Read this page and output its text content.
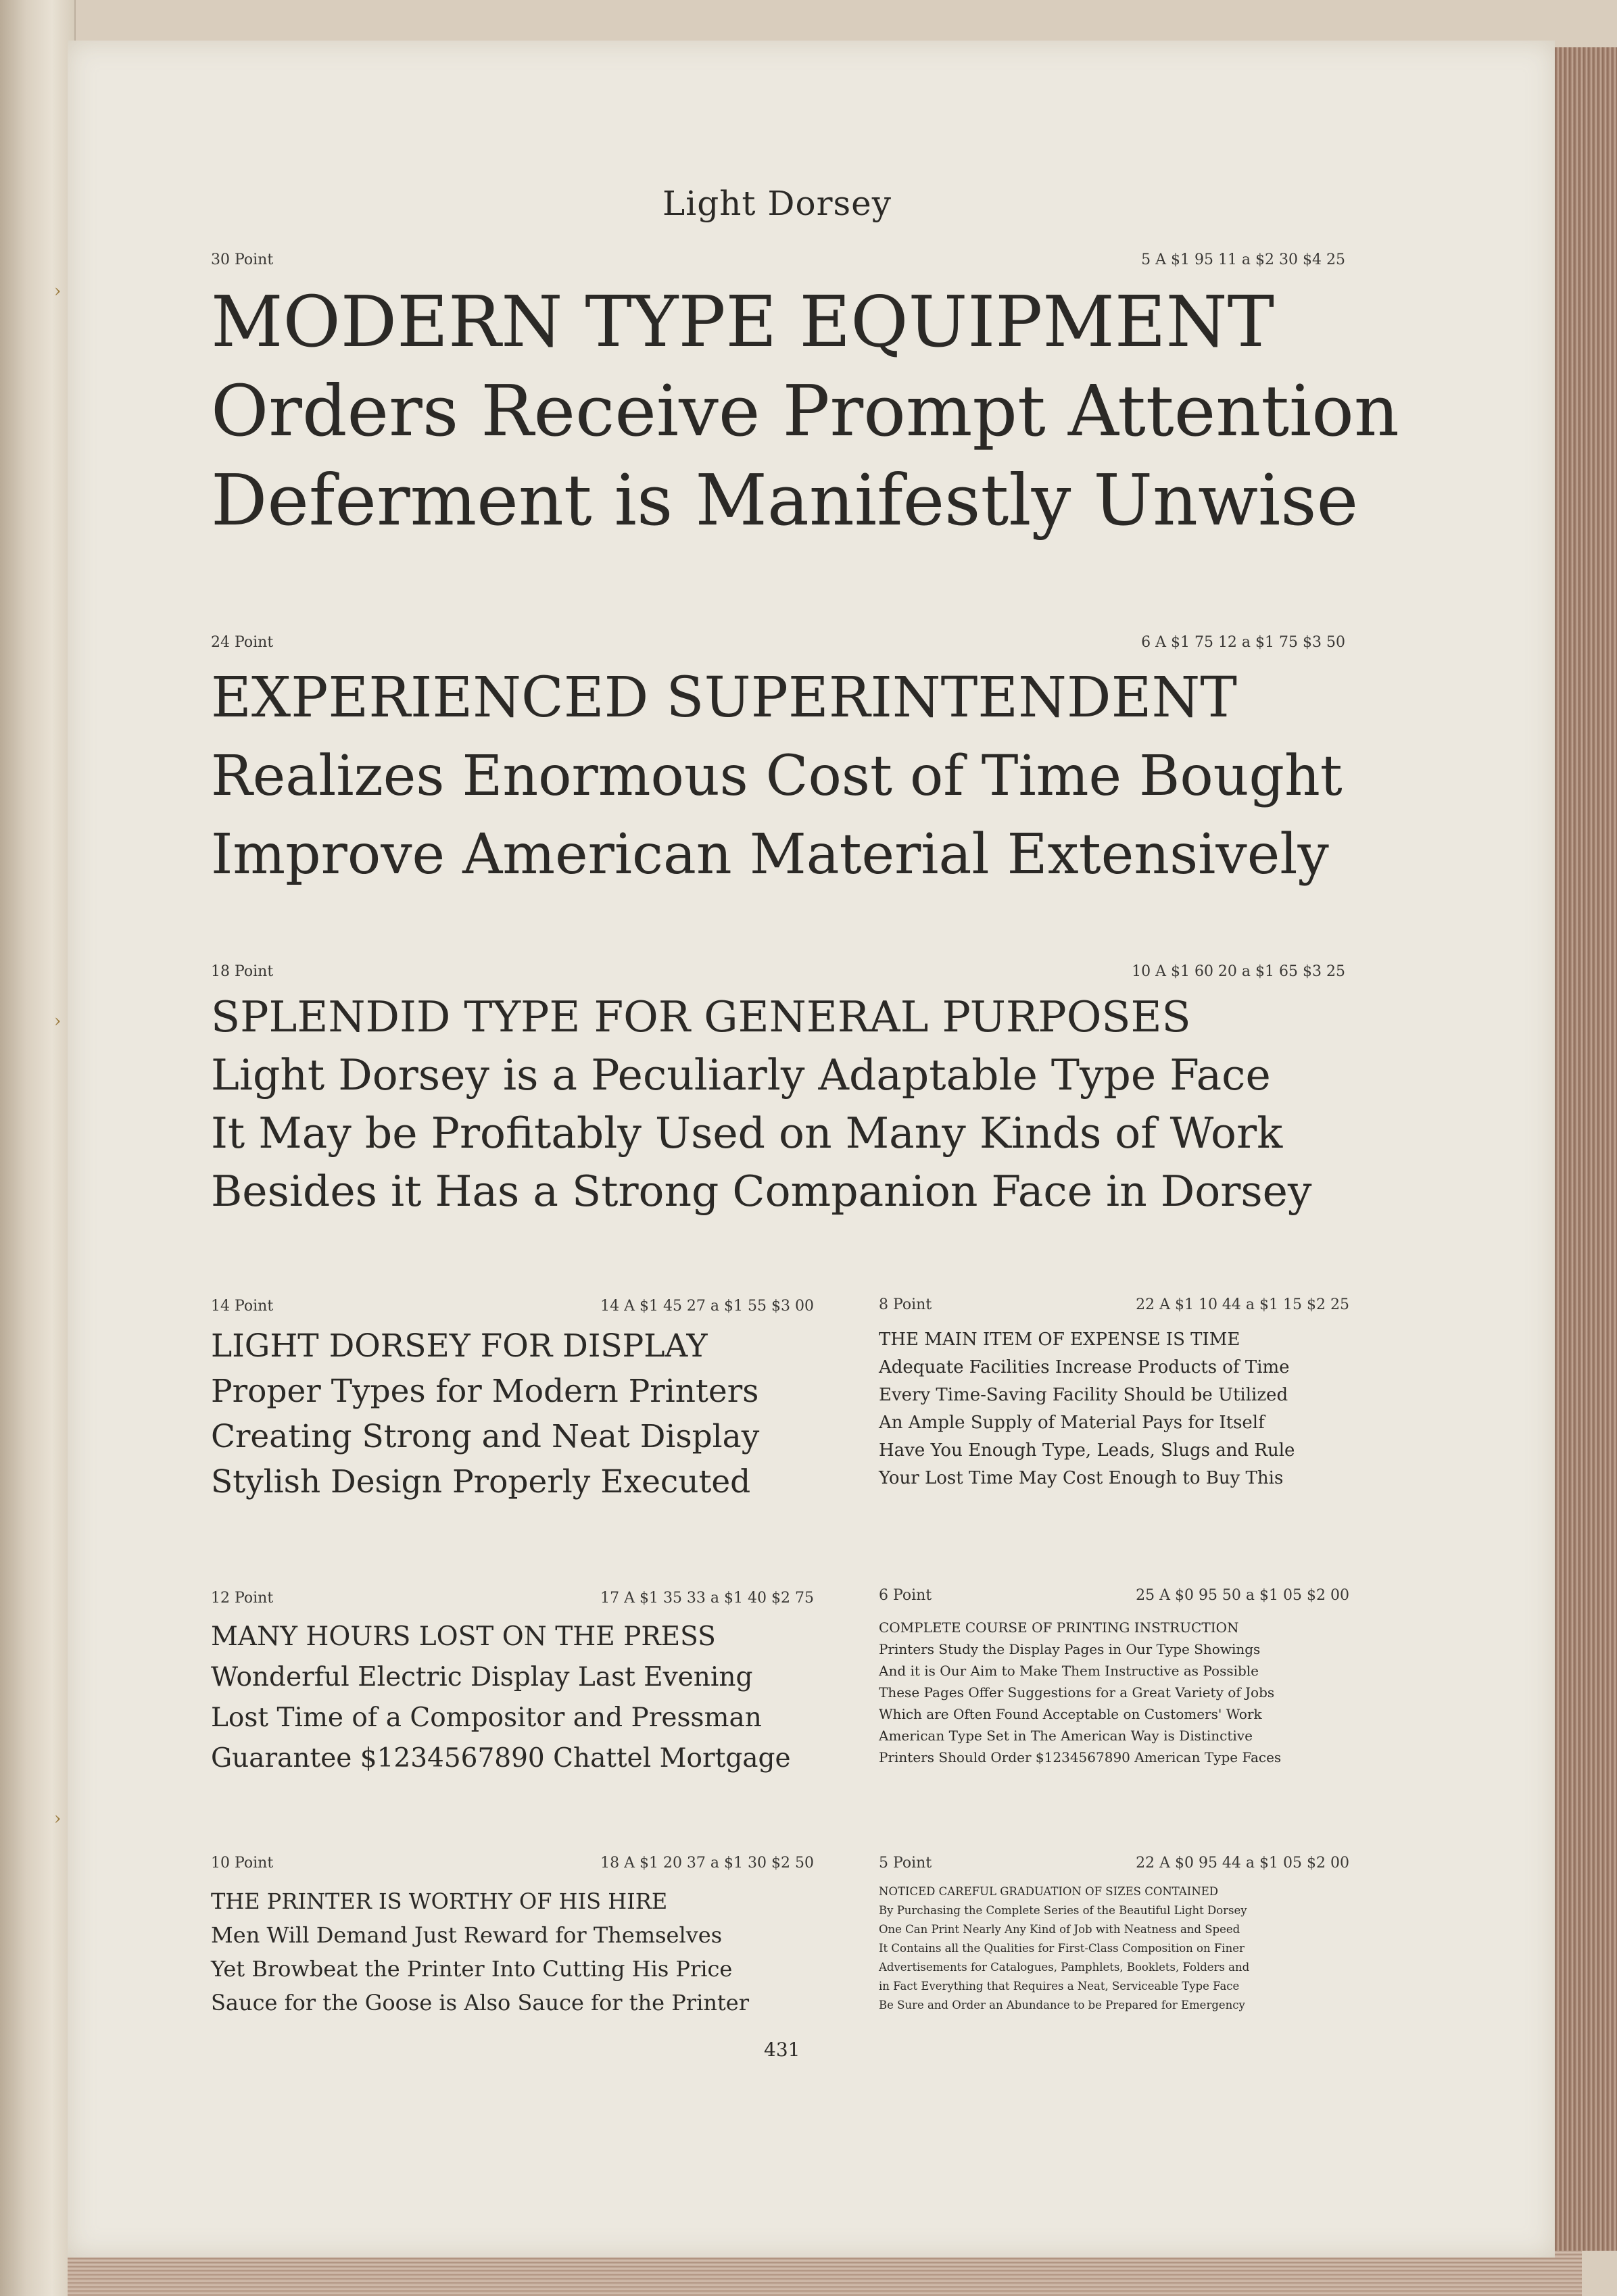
›
›
›
Light Dorsey
30 Point	5 A $1 95 11 a $2 30 $4 25
MODERN TYPE EQUIPMENT
Orders Receive Prompt Attention
Deferment is Manifestly Unwise
24 Point	6 A $1 75 12 a $1 75 $3 50
EXPERIENCED SUPERINTENDENT
Realizes Enormous Cost of Time Bought
Improve American Material Extensively
18 Point	10 A $1 60 20 a $1 65 $3 25
SPLENDID TYPE FOR GENERAL PURPOSES
Light Dorsey is a Peculiarly Adaptable Type Face
It May be Profitably Used on Many Kinds of Work
Besides it Has a Strong Companion Face in Dorsey
14 Point	14 A $1 45 27 a $1 55 $3 00
LIGHT DORSEY FOR DISPLAY
Proper Types for Modern Printers
Creating Strong and Neat Display
Stylish Design Properly Executed
8 Point	22 A $1 10 44 a $1 15 $2 25
THE MAIN ITEM OF EXPENSE IS TIME
Adequate Facilities Increase Products of Time
Every Time-Saving Facility Should be Utilized
An Ample Supply of Material Pays for Itself
Have You Enough Type, Leads, Slugs and Rule
Your Lost Time May Cost Enough to Buy This
12 Point	17 A $1 35 33 a $1 40 $2 75
MANY HOURS LOST ON THE PRESS
Wonderful Electric Display Last Evening
Lost Time of a Compositor and Pressman
Guarantee $1234567890 Chattel Mortgage
6 Point	25 A $0 95 50 a $1 05 $2 00
COMPLETE COURSE OF PRINTING INSTRUCTION
Printers Study the Display Pages in Our Type Showings
And it is Our Aim to Make Them Instructive as Possible
These Pages Offer Suggestions for a Great Variety of Jobs
Which are Often Found Acceptable on Customers' Work
American Type Set in The American Way is Distinctive
Printers Should Order $1234567890 American Type Faces
10 Point	18 A $1 20 37 a $1 30 $2 50
THE PRINTER IS WORTHY OF HIS HIRE
Men Will Demand Just Reward for Themselves
Yet Browbeat the Printer Into Cutting His Price
Sauce for the Goose is Also Sauce for the Printer
5 Point	22 A $0 95 44 a $1 05 $2 00
NOTICED CAREFUL GRADUATION OF SIZES CONTAINED
By Purchasing the Complete Series of the Beautiful Light Dorsey
One Can Print Nearly Any Kind of Job with Neatness and Speed
It Contains all the Qualities for First-Class Composition on Finer
Advertisements for Catalogues, Pamphlets, Booklets, Folders and
in Fact Everything that Requires a Neat, Serviceable Type Face
Be Sure and Order an Abundance to be Prepared for Emergency
431
